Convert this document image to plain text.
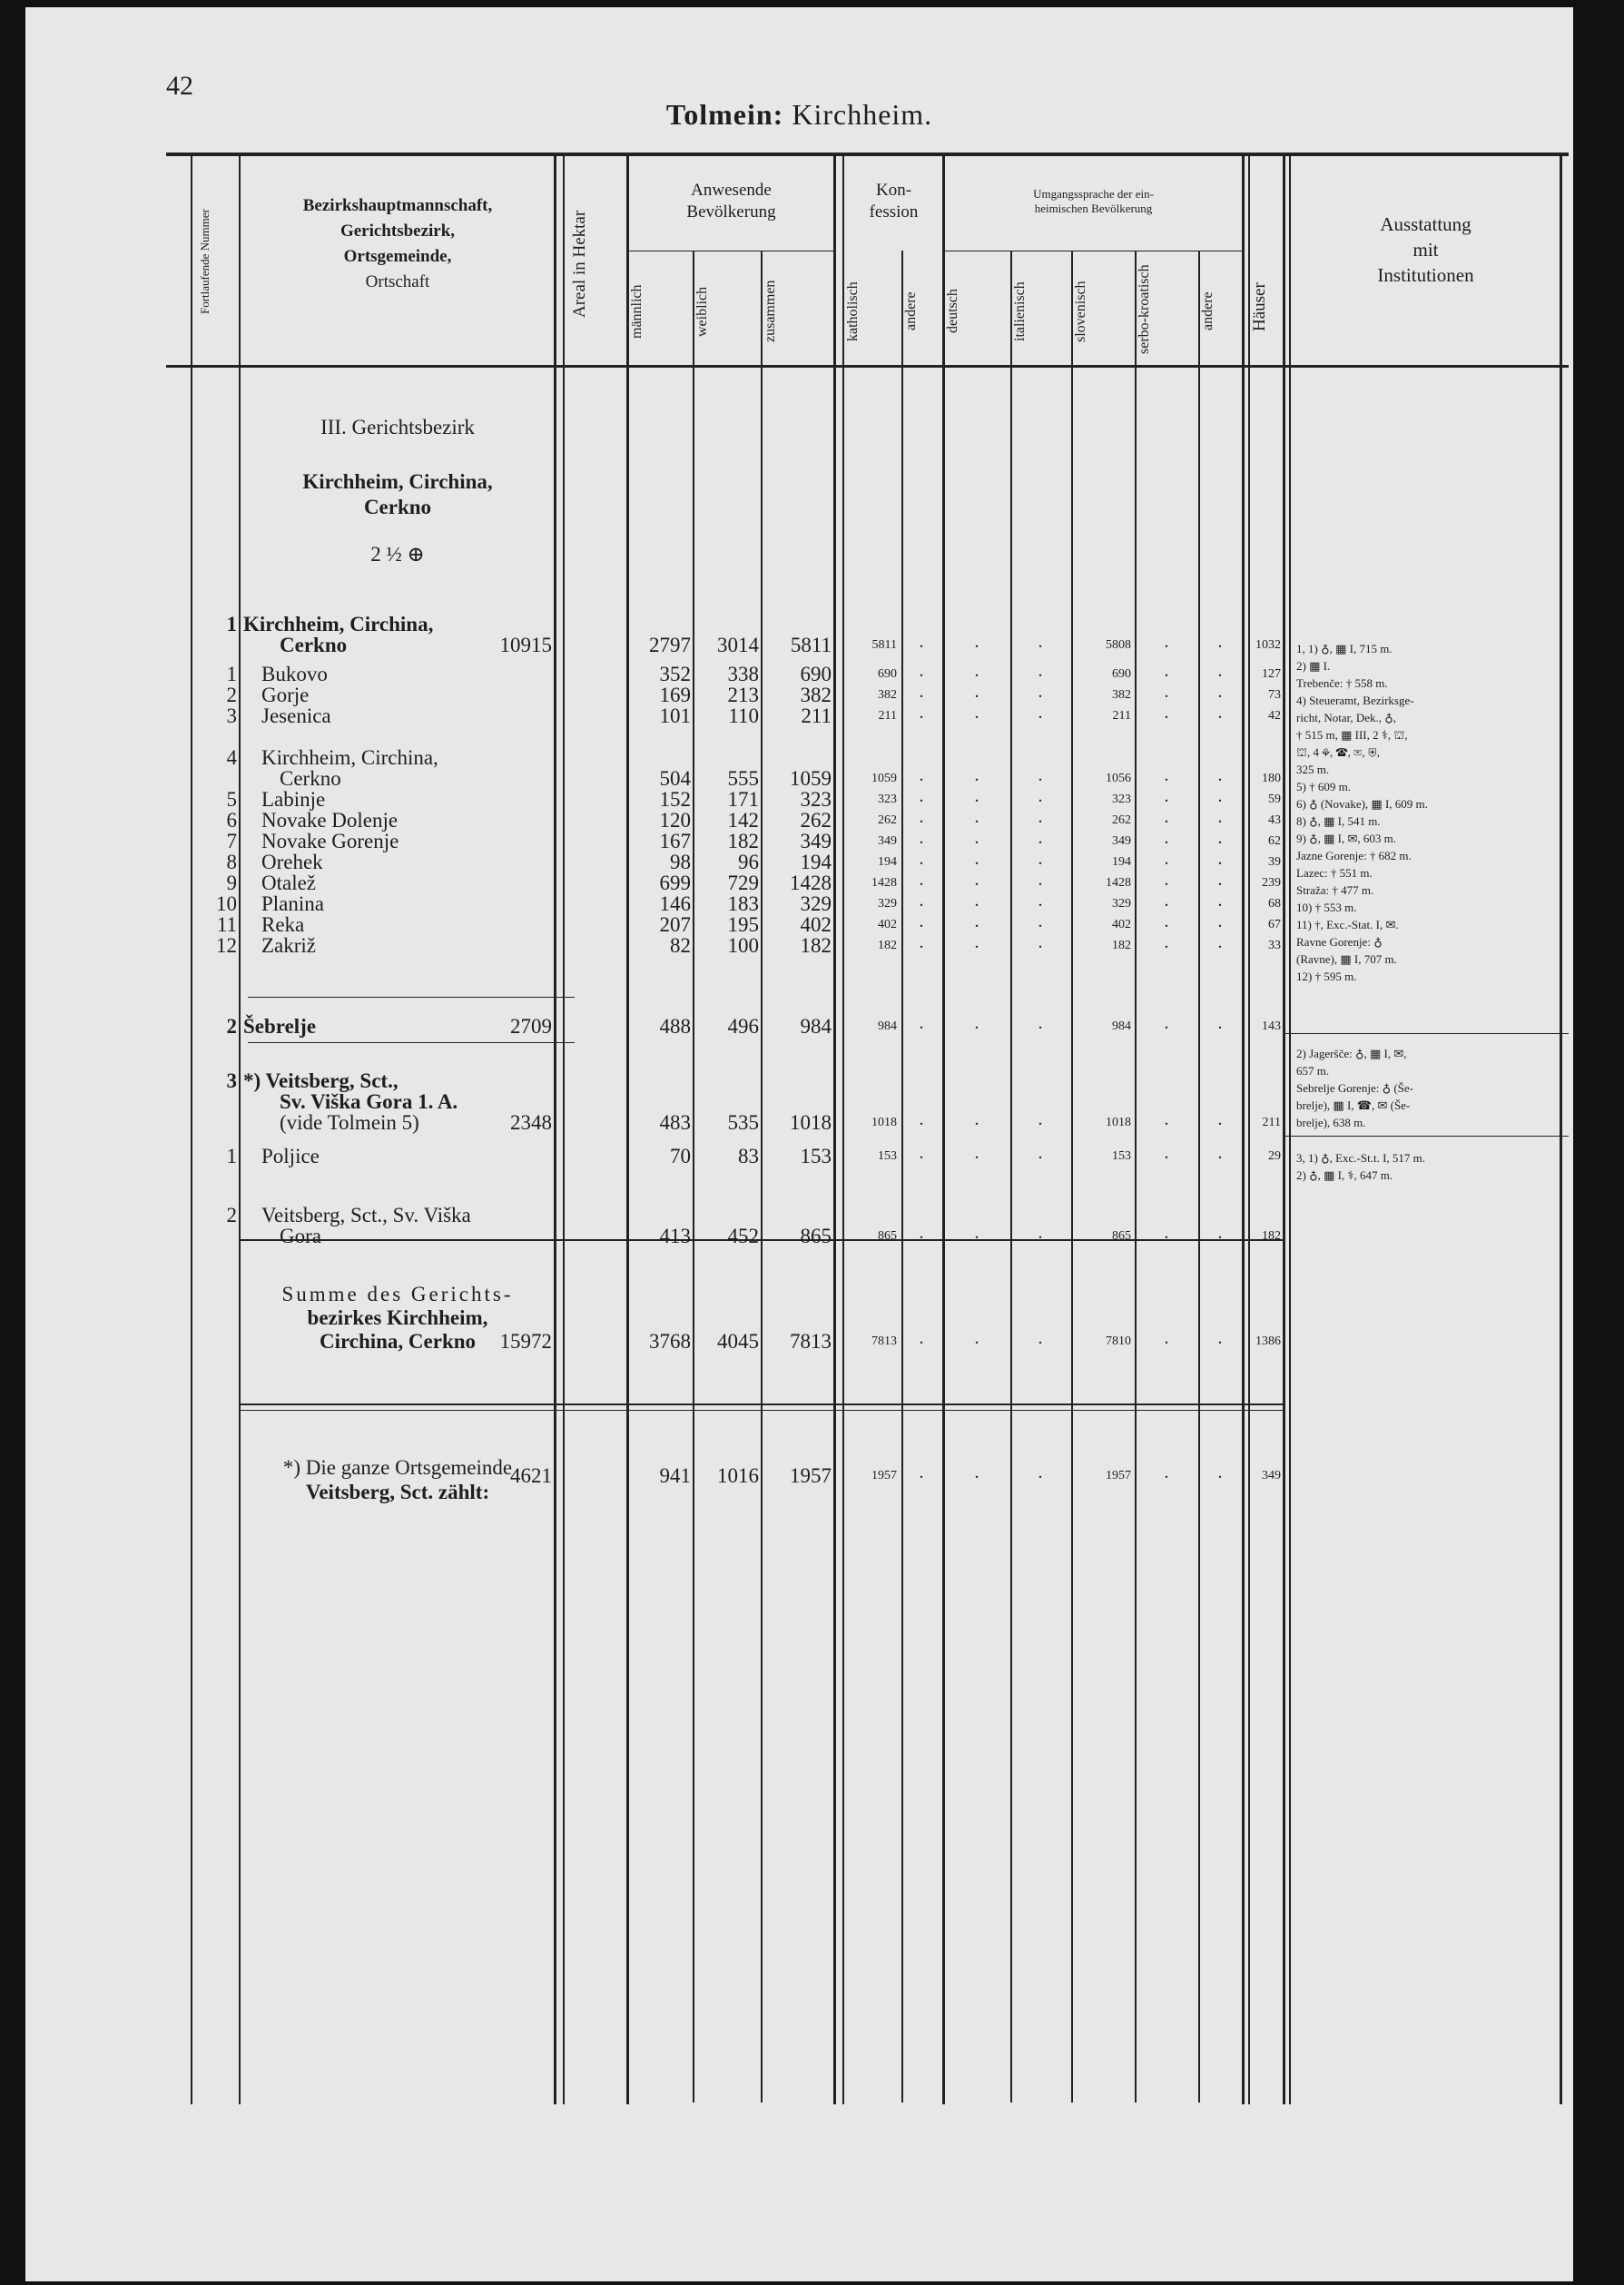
42
Tolmein: Kirchheim.
Fortlaufende Nummer
Bezirkshauptmannschaft,
Gerichtsbezirk,
Ortsgemeinde,
Ortschaft	Areal in Hektar
Anwesende
Bevölkerung
männlich	weiblich	zusammen
Kon-
fession
katholisch	andere
Umgangssprache der ein-
heimischen Bevölkerung
deutsch	italienisch	slovenisch	serbo-kroatisch	andere	Häuser
Ausstattung
mit
Institutionen
III. Gerichtsbezirk
Kirchheim, Circhina,
Cerkno
2 ½ ⊕
1 Kirchheim, Circhina,
Cerkno	10915	2797	3014	5811	5811	.	.	.	5808	.	.	1032
1 Bukovo	352	338	690	690	.	.	.	690	.	.	127
2 Gorje	169	213	382	382	.	.	.	382	.	.	73
3 Jesenica	101	110	211	211	.	.	.	211	.	.	42
4 Kirchheim, Circhina,
Cerkno	504	555	1059	1059	.	.	.	1056	.	.	180
5 Labinje	152	171	323	323	.	.	.	323	.	.	59
6 Novake Dolenje	120	142	262	262	.	.	.	262	.	.	43
7 Novake Gorenje	167	182	349	349	.	.	.	349	.	.	62
8 Orehek	98	96	194	194	.	.	.	194	.	.	39
9 Otalež	699	729	1428	1428	.	.	.	1428	.	.	239
10 Planina	146	183	329	329	.	.	.	329	.	.	68
11 Reka	207	195	402	402	.	.	.	402	.	.	67
12 Zakriž	82	100	182	182	.	.	.	182	.	.	33
2 Šebrelje	2709	488	496	984	984	.	.	.	984	.	.	143
3 *) Veitsberg, Sct.,
Sv. Viška Gora 1. A.
(vide Tolmein 5)	2348	483	535	1018	1018	.	.	.	1018	.	.	211
1 Poljice	70	83	153	153	.	.	.	153	.	.	29
2 Veitsberg, Sct., Sv. Viška
Gora	413	452	865	865	.	.	.	865	.	.	182
Summe des Gerichts-
bezirkes Kirchheim,
Circhina, Cerkno	15972	3768	4045	7813	7813	.	.	.	7810	.	.	1386
*) Die ganze Ortsgemeinde
Veitsberg, Sct. zählt:
4621	941	1016	1957	1957	.	.	.	1957	.	.	349
1, 1) ♁, ▦ I, 715 m.
2) ▦ I.
Trebenče: † 558 m.
4) Steueramt, Bezirksge-
richt, Notar, Dek., ♁,
† 515 m, ▦ III, 2 ⚕, ⛫,
⛫, 4 ⚘, ☎, ✉, ⛨,
325 m.
5) † 609 m.
6) ♁ (Novake), ▦ I, 609 m.
8) ♁, ▦ I, 541 m.
9) ♁, ▦ I, ✉, 603 m.
Jazne Gorenje: † 682 m.
Lazec: † 551 m.
Straža: † 477 m.
10) † 553 m.
11) †, Exc.-Stat. I, ✉.
Ravne Gorenje: ♁
(Ravne), ▦ I, 707 m.
12) † 595 m.
2) Jageršče: ♁, ▦ I, ✉,
657 m.
Sebrelje Gorenje: ♁ (Še-
brelje), ▦ I, ☎, ✉ (Še-
brelje), 638 m.
3, 1) ♁, Exc.-St.t. I, 517 m.
2) ♁, ▦ I, ⚕, 647 m.
